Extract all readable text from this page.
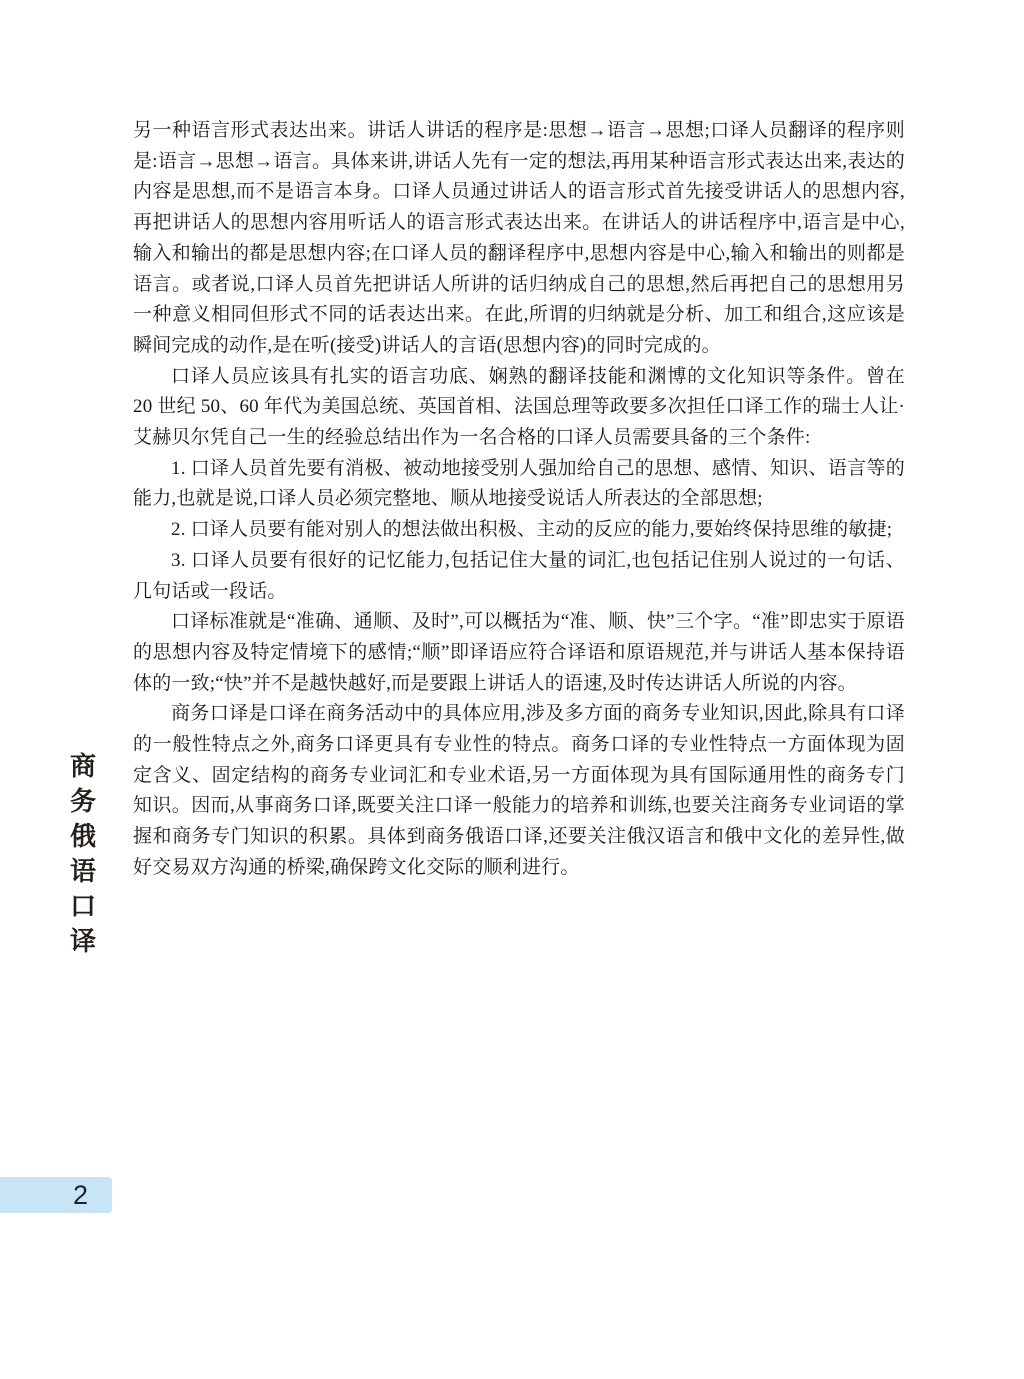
另一种语言形式表达出来。讲话人讲话的程序是:思想→语言→思想;口译人员翻译的程序则是:语言→思想→语言。具体来讲,讲话人先有一定的想法,再用某种语言形式表达出来,表达的内容是思想,而不是语言本身。口译人员通过讲话人的语言形式首先接受讲话人的思想内容,再把讲话人的思想内容用听话人的语言形式表达出来。在讲话人的讲话程序中,语言是中心,输入和输出的都是思想内容;在口译人员的翻译程序中,思想内容是中心,输入和输出的则都是语言。或者说,口译人员首先把讲话人所讲的话归纳成自己的思想,然后再把自己的思想用另一种意义相同但形式不同的话表达出来。在此,所谓的归纳就是分析、加工和组合,这应该是瞬间完成的动作,是在听(接受)讲话人的言语(思想内容)的同时完成的。

口译人员应该具有扎实的语言功底、娴熟的翻译技能和渊博的文化知识等条件。曾在 20 世纪 50、60 年代为美国总统、英国首相、法国总理等政要多次担任口译工作的瑞士人让·艾赫贝尔凭自己一生的经验总结出作为一名合格的口译人员需要具备的三个条件:

1. 口译人员首先要有消极、被动地接受别人强加给自己的思想、感情、知识、语言等的能力,也就是说,口译人员必须完整地、顺从地接受说话人所表达的全部思想;

2. 口译人员要有能对别人的想法做出积极、主动的反应的能力,要始终保持思维的敏捷;

3. 口译人员要有很好的记忆能力,包括记住大量的词汇,也包括记住别人说过的一句话、几句话或一段话。

口译标准就是“准确、通顺、及时”,可以概括为“准、顺、快”三个字。“准”即忠实于原语的思想内容及特定情境下的感情;“顺”即译语应符合译语和原语规范,并与讲话人基本保持语体的一致;“快”并不是越快越好,而是要跟上讲话人的语速,及时传达讲话人所说的内容。

商务口译是口译在商务活动中的具体应用,涉及多方面的商务专业知识,因此,除具有口译的一般性特点之外,商务口译更具有专业性的特点。商务口译的专业性特点一方面体现为固定含义、固定结构的商务专业词汇和专业术语,另一方面体现为具有国际通用性的商务专门知识。因而,从事商务口译,既要关注口译一般能力的培养和训练,也要关注商务专业词语的掌握和商务专门知识的积累。具体到商务俄语口译,还要关注俄汉语言和俄中文化的差异性,做好交易双方沟通的桥梁,确保跨文化交际的顺利进行。

商
务
俄
语
口
译
2
